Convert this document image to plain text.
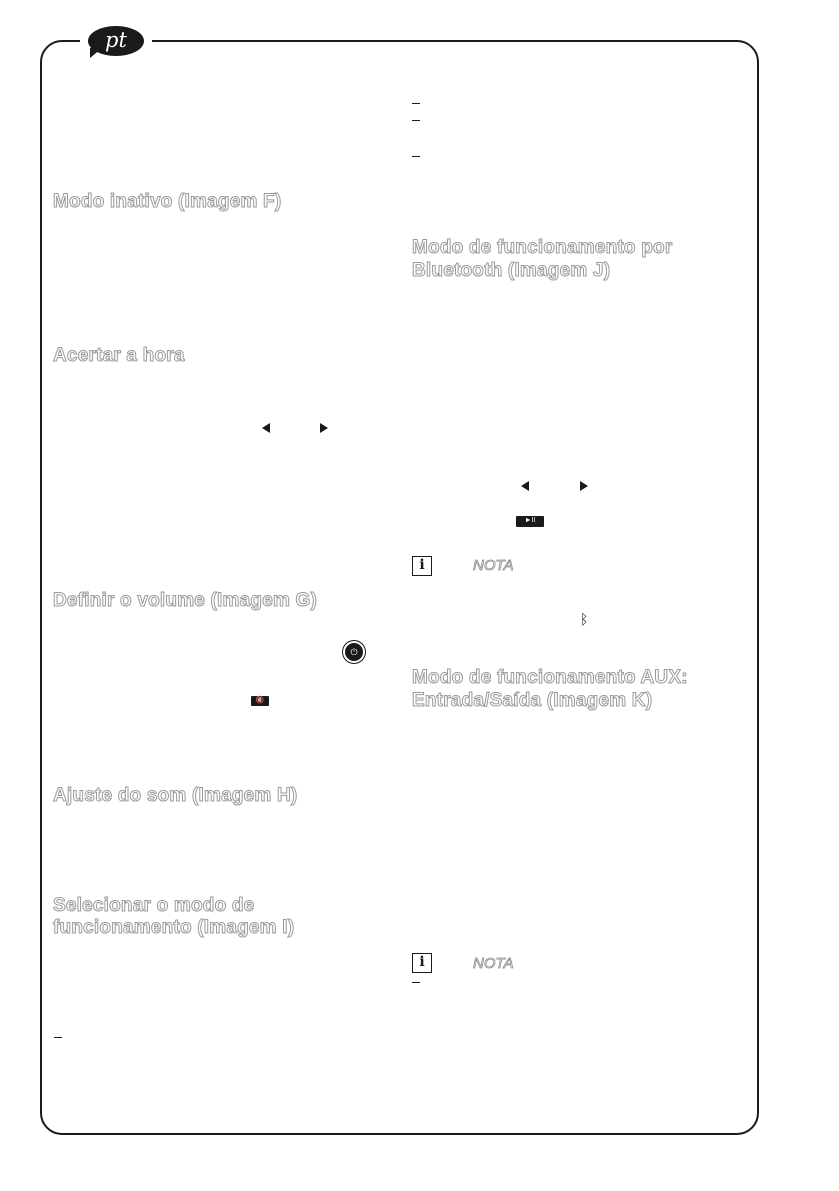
pt
Modo inativo (Imagem F)
Acertar a hora
Definir o volume (Imagem G)
⏻
🔇
Ajuste do som (Imagem H)
Selecionar o modo de
funcionamento (Imagem I)
Modo de funcionamento por
Bluetooth (Imagem J)
►II
i	NOTA
ᛒ
Modo de funcionamento AUX:
Entrada/Saída (Imagem K)
i	NOTA
